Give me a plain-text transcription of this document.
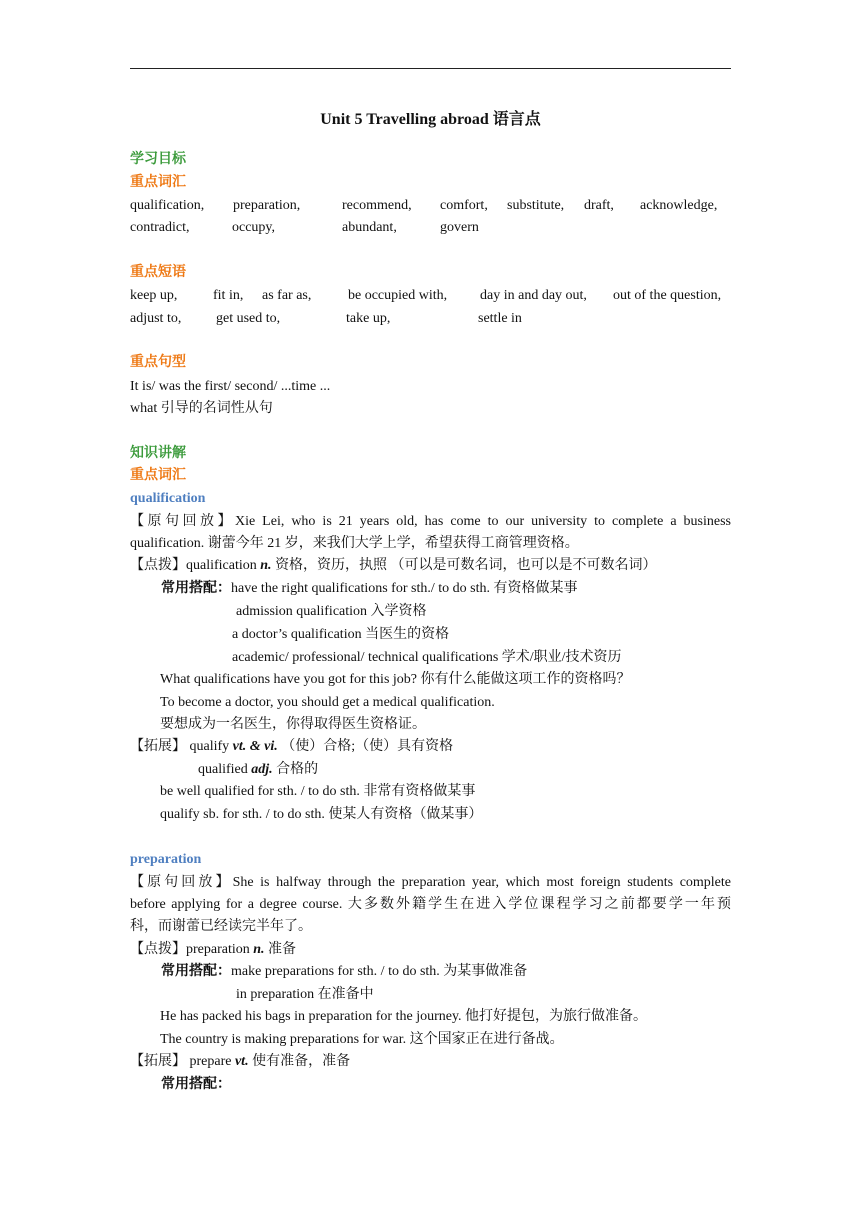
Unit 5 Travelling abroad 语言点
学习目标
重点词汇
qualification, preparation,	recommend, comfort, substitute, draft, acknowledge,
contradict,	occupy,	abundant,	govern
重点短语
keep up,	fit in, as far as,	be occupied with, day in and day out, out of the question,
adjust to, get used to,	take up,	settle in
重点句型
It is/ was the first/ second/ ...time ...
what 引导的名词性从句
知识讲解
重点词汇
qualification
【原句回放】Xie Lei, who is 21 years old, has come to our university to complete a business
qualification. 谢蕾今年 21 岁，来我们大学上学，希望获得工商管理资格。
【点拨】qualification n. 资格，资历，执照 （可以是可数名词，也可以是不可数名词）
常用搭配：have the right qualifications for sth./ to do sth. 有资格做某事
admission qualification 入学资格
a doctor’s qualification 当医生的资格
academic/ professional/ technical qualifications 学术/职业/技术资历
What qualifications have you got for this job? 你有什么能做这项工作的资格吗？
To become a doctor, you should get a medical qualification.
要想成为一名医生，你得取得医生资格证。
【拓展】 qualify vt. & vi. （使）合格;（使）具有资格
qualified adj. 合格的
be well qualified for sth. / to do sth. 非常有资格做某事
qualify sb. for sth. / to do sth. 使某人有资格（做某事）
preparation
【原句回放】She is halfway through the preparation year, which most foreign students complete
before applying for a degree course. 大多数外籍学生在进入学位课程学习之前都要学一年预
科，而谢蕾已经读完半年了。
【点拨】preparation n. 准备
常用搭配：make preparations for sth. / to do sth. 为某事做准备
in preparation 在准备中
He has packed his bags in preparation for the journey. 他打好提包，为旅行做准备。
The country is making preparations for war. 这个国家正在进行备战。
【拓展】 prepare vt. 使有准备，准备
常用搭配：
